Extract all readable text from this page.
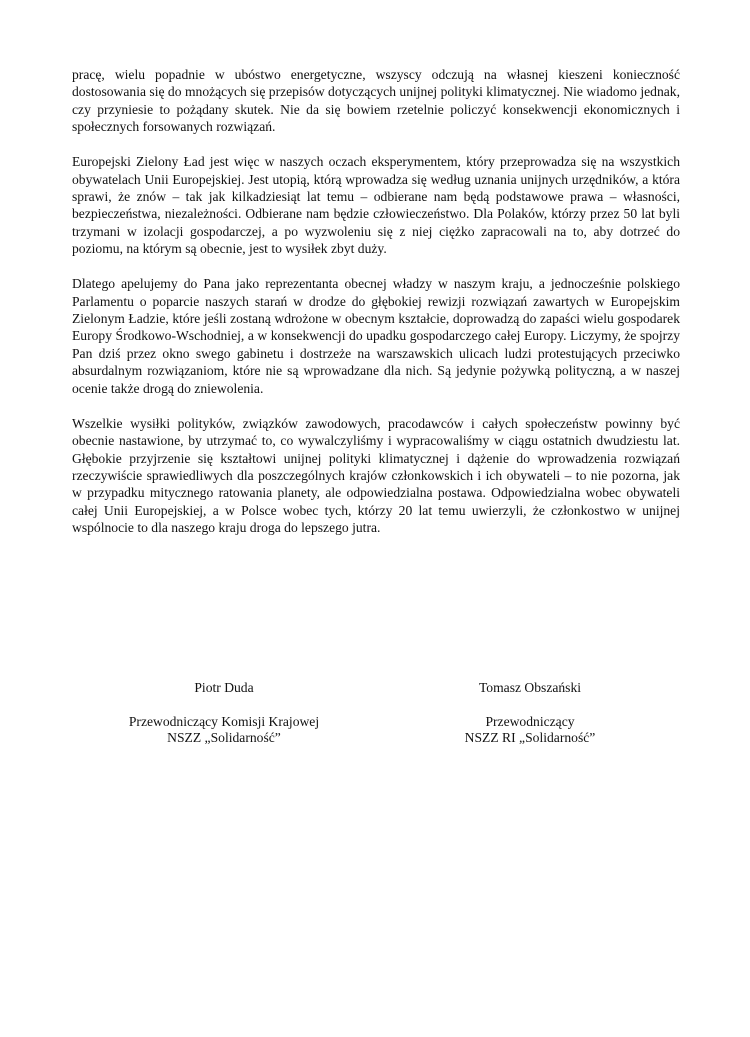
pracę, wielu popadnie w ubóstwo energetyczne, wszyscy odczują na własnej kieszeni konieczność dostosowania się do mnożących się przepisów dotyczących unijnej polityki klimatycznej. Nie wiadomo jednak, czy przyniesie to pożądany skutek. Nie da się bowiem rzetelnie policzyć konsekwencji ekonomicznych i społecznych forsowanych rozwiązań.

Europejski Zielony Ład jest więc w naszych oczach eksperymentem, który przeprowadza się na wszystkich obywatelach Unii Europejskiej. Jest utopią, którą wprowadza się według uznania unijnych urzędników, a która sprawi, że znów – tak jak kilkadziesiąt lat temu – odbierane nam będą podstawowe prawa – własności, bezpieczeństwa, niezależności. Odbierane nam będzie człowieczeństwo. Dla Polaków, którzy przez 50 lat byli trzymani w izolacji gospodarczej, a po wyzwoleniu się z niej ciężko zapracowali na to, aby dotrzeć do poziomu, na którym są obecnie, jest to wysiłek zbyt duży.

Dlatego apelujemy do Pana jako reprezentanta obecnej władzy w naszym kraju, a jednocześnie polskiego Parlamentu o poparcie naszych starań w drodze do głębokiej rewizji rozwiązań zawartych w Europejskim Zielonym Ładzie, które jeśli zostaną wdrożone w obecnym kształcie, doprowadzą do zapaści wielu gospodarek Europy Środkowo-Wschodniej, a w konsekwencji do upadku gospodarczego całej Europy. Liczymy, że spojrzy Pan dziś przez okno swego gabinetu i dostrzeże na warszawskich ulicach ludzi protestujących przeciwko absurdalnym rozwiązaniom, które nie są wprowadzane dla nich. Są jedynie pożywką polityczną, a w naszej ocenie także drogą do zniewolenia.

Wszelkie wysiłki polityków, związków zawodowych, pracodawców i całych społeczeństw powinny być obecnie nastawione, by utrzymać to, co wywalczyliśmy i wypracowaliśmy w ciągu ostatnich dwudziestu lat. Głębokie przyjrzenie się kształtowi unijnej polityki klimatycznej i dążenie do wprowadzenia rozwiązań rzeczywiście sprawiedliwych dla poszczególnych krajów członkowskich i ich obywateli – to nie pozorna, jak w przypadku mitycznego ratowania planety, ale odpowiedzialna postawa. Odpowiedzialna wobec obywateli całej Unii Europejskiej, a w Polsce wobec tych, którzy 20 lat temu uwierzyli, że członkostwo w unijnej wspólnocie to dla naszego kraju droga do lepszego jutra.

Piotr Duda
Przewodniczący Komisji Krajowej
NSZZ „Solidarność”
Tomasz Obszański
Przewodniczący
NSZZ RI „Solidarność”
